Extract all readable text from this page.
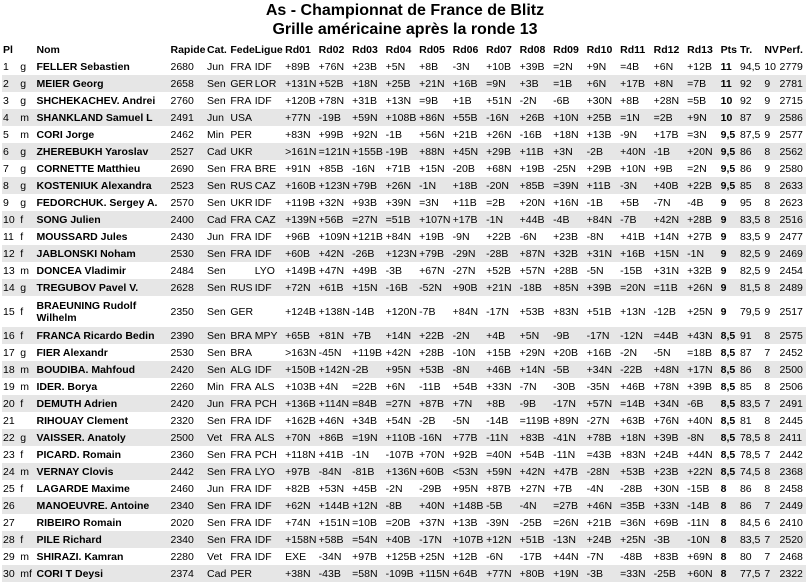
As - Championnat de France de Blitz
Grille américaine après la ronde 13
Pl		Nom	Rapide	Cat.	Fede	Ligue	Rd01	Rd02	Rd03	Rd04	Rd05	Rd06	Rd07	Rd08	Rd09	Rd10	Rd11	Rd12	Rd13	Pts	Tr.	NV	Perf.
1	g	FELLER Sebastien	2680	Jun	FRA	IDF	+89B	+76N	+23B	+5N	+8B	-3N	+10B	+39B	=2N	+9N	=4B	+6N	+12B	11	94,5	10	2779
2	g	MEIER Georg	2658	Sen	GER	LOR	+131N	+52B	+18N	+25B	+21N	+16B	=9N	+3B	=1B	+6N	+17B	+8N	=7B	11	92	9	2781
3	g	SHCHEKACHEV. Andrei	2760	Sen	FRA	IDF	+120B	+78N	+31B	+13N	=9B	+1B	+51N	-2N	-6B	+30N	+8B	+28N	=5B	10	92	9	2715
4	m	SHANKLAND Samuel L	2491	Jun	USA		+77N	-19B	+59N	+108B	+86N	+55B	-16N	+26B	+10N	+25B	=1N	=2B	+9N	10	87	9	2586
5	m	CORI Jorge	2462	Min	PER		+83N	+99B	+92N	-1B	+56N	+21B	+26N	-16B	+18N	+13B	-9N	+17B	=3N	9,5	87,5	9	2577
6	g	ZHEREBUKH Yaroslav	2527	Cad	UKR		>161N	=121N	+155B	-19B	+88N	+45N	+29B	+11B	+3N	-2B	+40N	-1B	+20N	9,5	86	8	2562
7	g	CORNETTE Matthieu	2690	Sen	FRA	BRE	+91N	+85B	-16N	+71B	+15N	-20B	+68N	+19B	-25N	+29B	+10N	+9B	=2N	9,5	86	9	2580
8	g	KOSTENIUK Alexandra	2523	Sen	RUS	CAZ	+160B	+123N	+79B	+26N	-1N	+18B	-20N	+85B	=39N	+11B	-3N	+40B	+22B	9,5	85	8	2633
9	g	FEDORCHUK. Sergey A.	2570	Sen	UKR	IDF	+119B	+32N	+93B	+39N	=3N	+11B	=2B	+20N	+16N	-1B	+5B	-7N	-4B	9	95	8	2623
10	f	SONG Julien	2400	Cad	FRA	CAZ	+139N	+56B	=27N	=51B	+107N	+17B	-1N	+44B	-4B	+84N	-7B	+42N	+28B	9	83,5	8	2516
11	f	MOUSSARD Jules	2430	Jun	FRA	IDF	+96B	+109N	+121B	+84N	+19B	-9N	+22B	-6N	+23B	-8N	+41B	+14N	+27B	9	83,5	9	2477
12	f	JABLONSKI Noham	2530	Sen	FRA	IDF	+60B	+42N	-26B	+123N	+79B	-29N	-28B	+87N	+32B	+31N	+16B	+15N	-1N	9	82,5	9	2469
13	m	DONCEA Vladimir	2484	Sen		LYO	+149B	+47N	+49B	-3B	+67N	-27N	+52B	+57N	+28B	-5N	-15B	+31N	+32B	9	82,5	9	2454
14	g	TREGUBOV Pavel V.	2628	Sen	RUS	IDF	+72N	+61B	+15N	-16B	-52N	+90B	+21N	-18B	+85N	+39B	=20N	=11B	+26N	9	81,5	8	2489
15	f	BRAEUNING Rudolf Wilhelm	2350	Sen	GER		+124B	+138N	-14B	+120N	-7B	+84N	-17N	+53B	+83N	+51B	+13N	-12B	+25N	9	79,5	9	2517
16	f	FRANCA Ricardo Bedin	2390	Sen	BRA	MPY	+65B	+81N	+7B	+14N	+22B	-2N	+4B	+5N	-9B	-17N	-12N	=44B	+43N	8,5	91	8	2575
17	g	FIER Alexandr	2530	Sen	BRA		>163N	-45N	+119B	+42N	+28B	-10N	+15B	+29N	+20B	+16B	-2N	-5N	=18B	8,5	87	7	2452
18	m	BOUDIBA. Mahfoud	2420	Sen	ALG	IDF	+150B	+142N	-2B	+95N	+53B	-8N	+46B	+14N	-5B	+34N	-22B	+48N	+17N	8,5	86	8	2500
19	m	IDER. Borya	2260	Min	FRA	ALS	+103B	+4N	=22B	+6N	-11B	+54B	+33N	-7N	-30B	-35N	+46B	+78N	+39B	8,5	85	8	2506
20	f	DEMUTH Adrien	2420	Jun	FRA	PCH	+136B	+114N	=84B	=27N	+87B	+7N	+8B	-9B	-17N	+57N	=14B	+34N	-6B	8,5	83,5	7	2491
21		RIHOUAY Clement	2320	Sen	FRA	IDF	+162B	+46N	+34B	+54N	-2B	-5N	-14B	=119B	+89N	-27N	+63B	+76N	+40N	8,5	81	8	2445
22	g	VAISSER. Anatoly	2500	Vet	FRA	ALS	+70N	+86B	=19N	+110B	-16N	+77B	-11N	+83B	-41N	+78B	+18N	+39B	-8N	8,5	78,5	8	2411
23	f	PICARD. Romain	2360	Sen	FRA	PCH	+118N	+41B	-1N	-107B	+70N	+92B	=40N	+54B	-11N	=43B	+83N	+24B	+44N	8,5	78,5	7	2442
24	m	VERNAY Clovis	2442	Sen	FRA	LYO	+97B	-84N	-81B	+136N	+60B	<53N	+59N	+42N	+47B	-28N	+53B	+23B	+22N	8,5	74,5	8	2368
25	f	LAGARDE Maxime	2460	Jun	FRA	IDF	+82B	+53N	+45B	-2N	-29B	+95N	+87B	+27N	+7B	-4N	-28B	+30N	-15B	8	86	8	2458
26		MANOEUVRE. Antoine	2340	Sen	FRA	IDF	+62N	+144B	+12N	-8B	+40N	+148B	-5B	-4N	=27B	+46N	=35B	+33N	-14B	8	86	7	2449
27		RIBEIRO Romain	2020	Sen	FRA	IDF	+74N	+151N	=10B	=20B	+37N	+13B	-39N	-25B	=26N	+21B	=36N	+69B	-11N	8	84,5	6	2410
28	f	PILE Richard	2340	Sen	FRA	IDF	+158N	+58B	=54N	+40B	-17N	+107B	+12N	+51B	-13N	+24B	+25N	-3B	-10N	8	83,5	7	2520
29	m	SHIRAZI. Kamran	2280	Vet	FRA	IDF	EXE	-34N	+97B	+125B	+25N	+12B	-6N	-17B	+44N	-7N	-48B	+83B	+69N	8	80	7	2468
30	mf	CORI T Deysi	2374	Cad	PER		+38N	-43B	=58N	-109B	+115N	+64B	+77N	+80B	+19N	-3B	=33N	-25B	+60N	8	77,5	7	2322
